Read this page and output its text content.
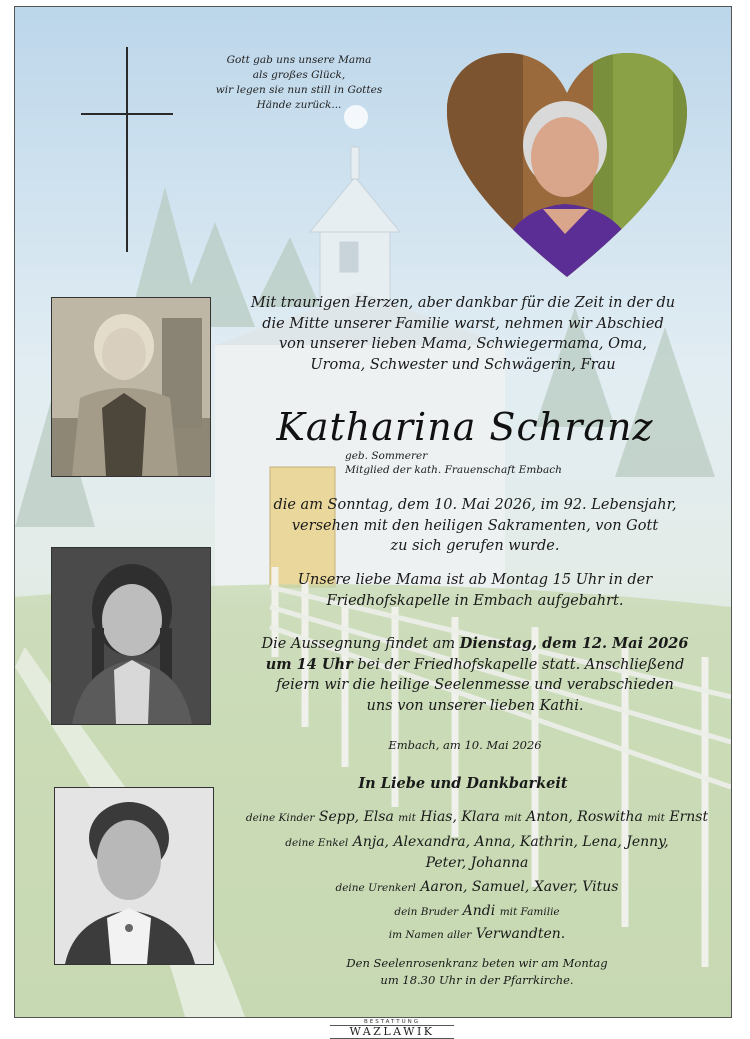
Gott gab uns unsere Mama
als großes Glück,
wir legen sie nun still in Gottes
Hände zurück...
Mit traurigen Herzen, aber dankbar für die Zeit in der du
die Mitte unserer Familie warst, nehmen wir Abschied
von unserer lieben Mama, Schwiegermama, Oma,
Uroma, Schwester und Schwägerin, Frau
Katharina Schranz
geb. Sommerer
Mitglied der kath. Frauenschaft Embach
die am Sonntag, dem 10. Mai 2026, im 92. Lebensjahr,
versehen mit den heiligen Sakramenten, von Gott
zu sich gerufen wurde.
Unsere liebe Mama ist ab Montag 15 Uhr in der
Friedhofskapelle in Embach aufgebahrt.
Die Aussegnung findet am Dienstag, dem 12. Mai 2026
um 14 Uhr bei der Friedhofskapelle statt. Anschließend
feiern wir die heilige Seelenmesse und verabschieden
uns von unserer lieben Kathi.
Embach, am 10. Mai 2026
In Liebe und Dankbarkeit
deine Kinder Sepp, Elsa mit Hias, Klara mit Anton, Roswitha mit Ernst
deine Enkel Anja, Alexandra, Anna, Kathrin, Lena, Jenny,
Peter, Johanna
deine Urenkerl Aaron, Samuel, Xaver, Vitus
dein Bruder Andi mit Familie
im Namen aller Verwandten.
Den Seelenrosenkranz beten wir am Montag
um 18.30 Uhr in der Pfarrkirche.
BESTATTUNG
WAZLAWIK
